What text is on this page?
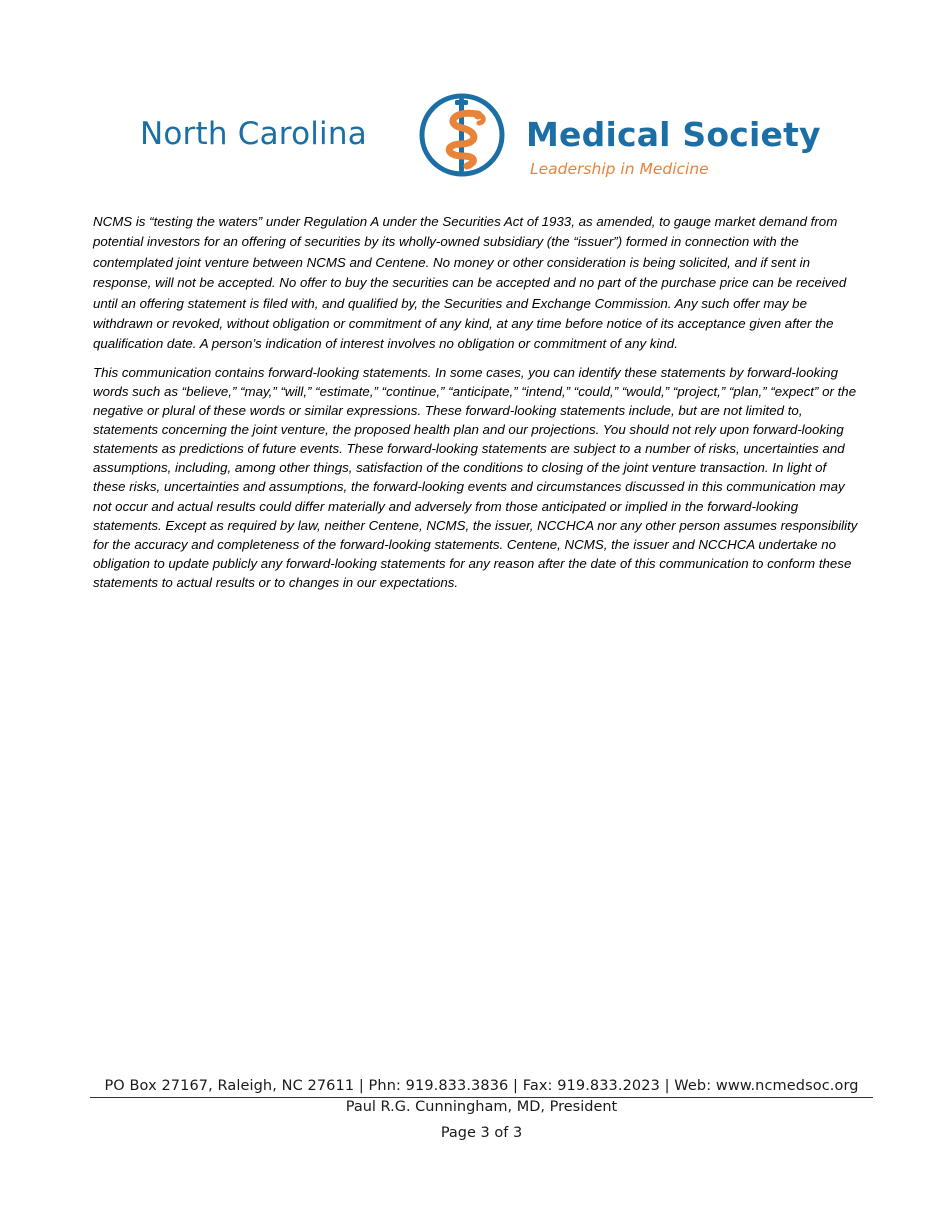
North Carolina	Medical Society
Leadership in Medicine

NCMS is “testing the waters” under Regulation A under the Securities Act of 1933, as amended, to gauge market demand from potential investors for an offering of securities by its wholly-owned subsidiary (the “issuer”) formed in connection with the contemplated joint venture between NCMS and Centene. No money or other consideration is being solicited, and if sent in response, will not be accepted. No offer to buy the securities can be accepted and no part of the purchase price can be received until an offering statement is filed with, and qualified by, the Securities and Exchange Commission. Any such offer may be withdrawn or revoked, without obligation or commitment of any kind, at any time before notice of its acceptance given after the qualification date. A person’s indication of interest involves no obligation or commitment of any kind.

This communication contains forward-looking statements. In some cases, you can identify these statements by forward-looking words such as “believe,” “may,” “will,” “estimate,” “continue,” “anticipate,” “intend,” “could,” “would,” “project,” “plan,” “expect” or the negative or plural of these words or similar expressions. These forward-looking statements include, but are not limited to, statements concerning the joint venture, the proposed health plan and our projections. You should not rely upon forward-looking statements as predictions of future events. These forward-looking statements are subject to a number of risks, uncertainties and assumptions, including, among other things, satisfaction of the conditions to closing of the joint venture transaction. In light of these risks, uncertainties and assumptions, the forward-looking events and circumstances discussed in this communication may not occur and actual results could differ materially and adversely from those anticipated or implied in the forward-looking statements. Except as required by law, neither Centene, NCMS, the issuer, NCCHCA nor any other person assumes responsibility for the accuracy and completeness of the forward-looking statements. Centene, NCMS, the issuer and NCCHCA undertake no obligation to update publicly any forward-looking statements for any reason after the date of this communication to conform these statements to actual results or to changes in our expectations.

PO Box 27167, Raleigh, NC 27611 | Phn: 919.833.3836 | Fax: 919.833.2023 | Web: www.ncmedsoc.org
Paul R.G. Cunningham, MD, President
Page 3 of 3
